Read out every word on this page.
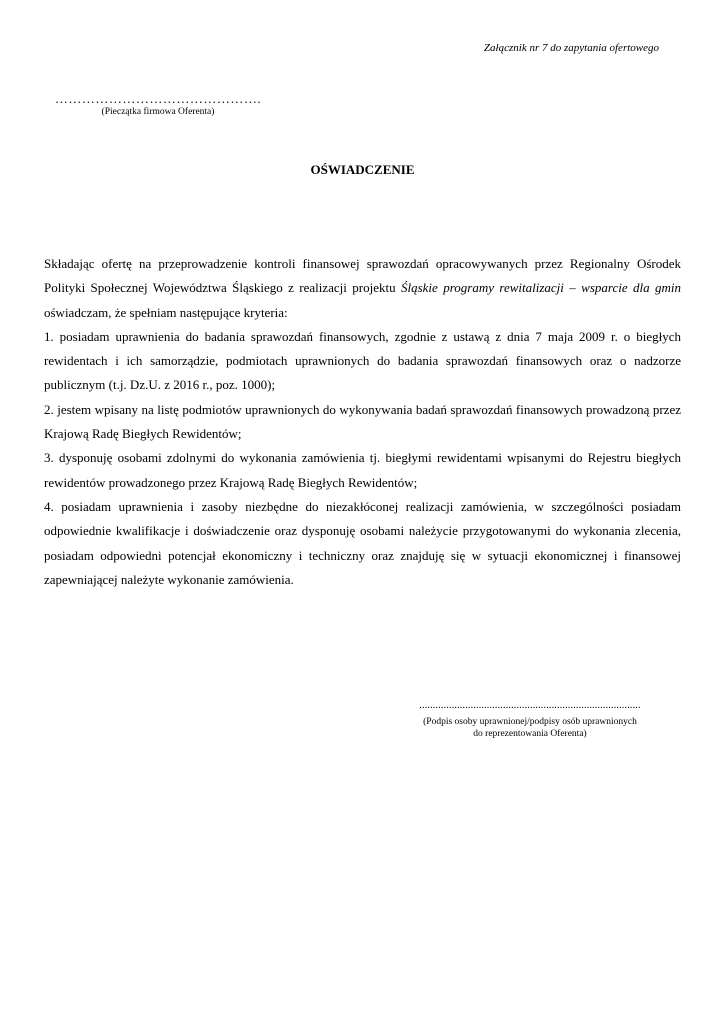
Załącznik nr 7 do zapytania ofertowego
……………………………………….
(Pieczątka firmowa Oferenta)
OŚWIADCZENIE

Składając ofertę na przeprowadzenie kontroli finansowej sprawozdań opracowywanych przez Regionalny Ośrodek Polityki Społecznej Województwa Śląskiego z realizacji projektu Śląskie programy rewitalizacji – wsparcie dla gmin oświadczam, że spełniam następujące kryteria:

1. posiadam uprawnienia do badania sprawozdań finansowych, zgodnie z ustawą z dnia 7 maja 2009 r. o biegłych rewidentach i ich samorządzie, podmiotach uprawnionych do badania sprawozdań finansowych oraz o nadzorze publicznym (t.j. Dz.U. z 2016 r., poz. 1000);

2. jestem wpisany na listę podmiotów uprawnionych do wykonywania badań sprawozdań finansowych prowadzoną przez Krajową Radę Biegłych Rewidentów;

3. dysponuję osobami zdolnymi do wykonania zamówienia tj. biegłymi rewidentami wpisanymi do Rejestru biegłych rewidentów prowadzonego przez Krajową Radę Biegłych Rewidentów;

4. posiadam uprawnienia i zasoby niezbędne do niezakłóconej realizacji zamówienia, w szczególności posiadam odpowiednie kwalifikacje i doświadczenie oraz dysponuję osobami należycie przygotowanymi do wykonania zlecenia, posiadam odpowiedni potencjał ekonomiczny i techniczny oraz znajduję się w sytuacji ekonomicznej i finansowej zapewniającej należyte wykonanie zamówienia.

..................................................................................
(Podpis osoby uprawnionej/podpisy osób uprawnionych
do reprezentowania Oferenta)
